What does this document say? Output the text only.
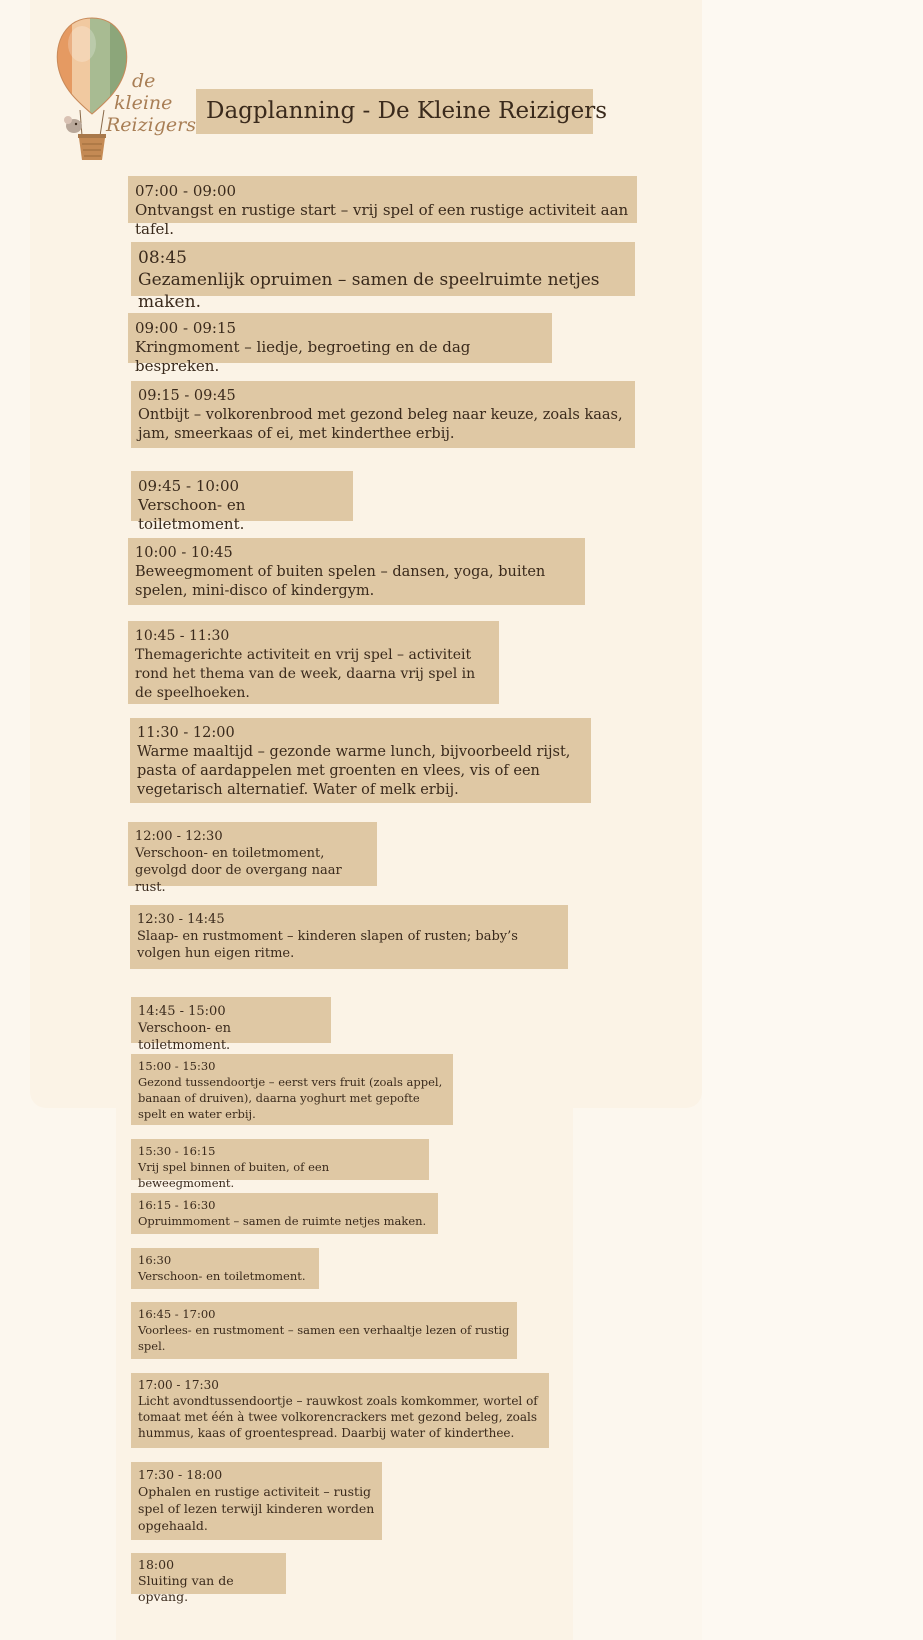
de
kleine
Reizigers
Dagplanning - De Kleine Reizigers
07:00 - 09:00
Ontvangst en rustige start – vrij spel of een rustige activiteit aan tafel.
08:45
Gezamenlijk opruimen – samen de speelruimte netjes maken.
09:00 - 09:15
Kringmoment – liedje, begroeting en de dag bespreken.
09:15 - 09:45
Ontbijt – volkorenbrood met gezond beleg naar keuze, zoals kaas, jam, smeerkaas of ei, met kinderthee erbij.
09:45 - 10:00
Verschoon- en toiletmoment.
10:00 - 10:45
Beweegmoment of buiten spelen – dansen, yoga, buiten spelen, mini-disco of kindergym.
10:45 - 11:30
Themagerichte activiteit en vrij spel – activiteit rond het thema van de week, daarna vrij spel in de speelhoeken.
11:30 - 12:00
Warme maaltijd – gezonde warme lunch, bijvoorbeeld rijst, pasta of aardappelen met groenten en vlees, vis of een vegetarisch alternatief. Water of melk erbij.
12:00 - 12:30
Verschoon- en toiletmoment, gevolgd door de overgang naar rust.
12:30 - 14:45
Slaap- en rustmoment – kinderen slapen of rusten; baby’s volgen hun eigen ritme.
14:45 - 15:00
Verschoon- en toiletmoment.
15:00 - 15:30
Gezond tussendoortje – eerst vers fruit (zoals appel, banaan of druiven), daarna yoghurt met gepofte spelt en water erbij.
15:30 - 16:15
Vrij spel binnen of buiten, of een beweegmoment.
16:15 - 16:30
Opruimmoment – samen de ruimte netjes maken.
16:30
Verschoon- en toiletmoment.
16:45 - 17:00
Voorlees- en rustmoment – samen een verhaaltje lezen of rustig spel.
17:00 - 17:30
Licht avondtussendoortje – rauwkost zoals komkommer, wortel of tomaat met één à twee volkorencrackers met gezond beleg, zoals hummus, kaas of groentespread. Daarbij water of kinderthee.
17:30 - 18:00
Ophalen en rustige activiteit – rustig spel of lezen terwijl kinderen worden opgehaald.
18:00
Sluiting van de opvang.
